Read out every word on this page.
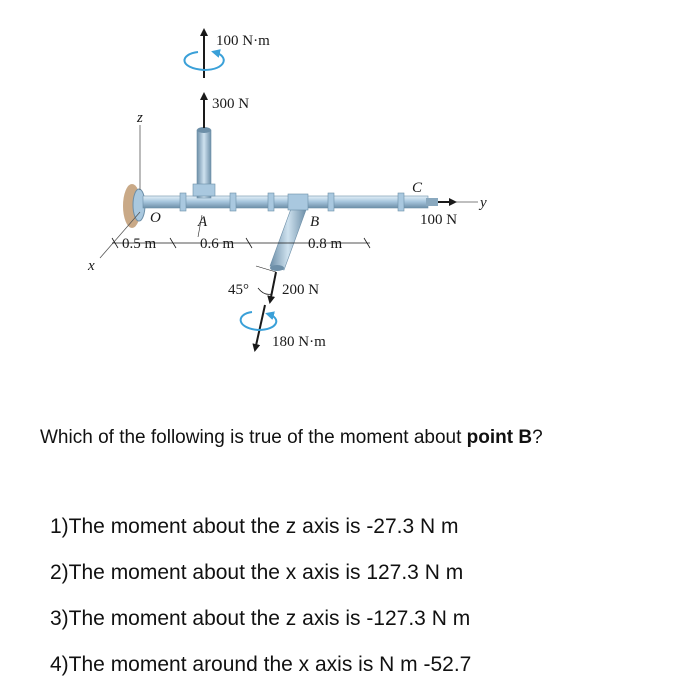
100 N·m
300 N
z
O A	B
C
y
100 N
0.5 m	0.6 m	0.8 m
x
45° 200 N
180 N·m
Which of the following is true of the moment about point B?
1)The moment about the z axis is -27.3 N m
2)The moment about the x axis is 127.3 N m
3)The moment about the z axis is -127.3 N m
4)The moment around the x axis is N m -52.7
